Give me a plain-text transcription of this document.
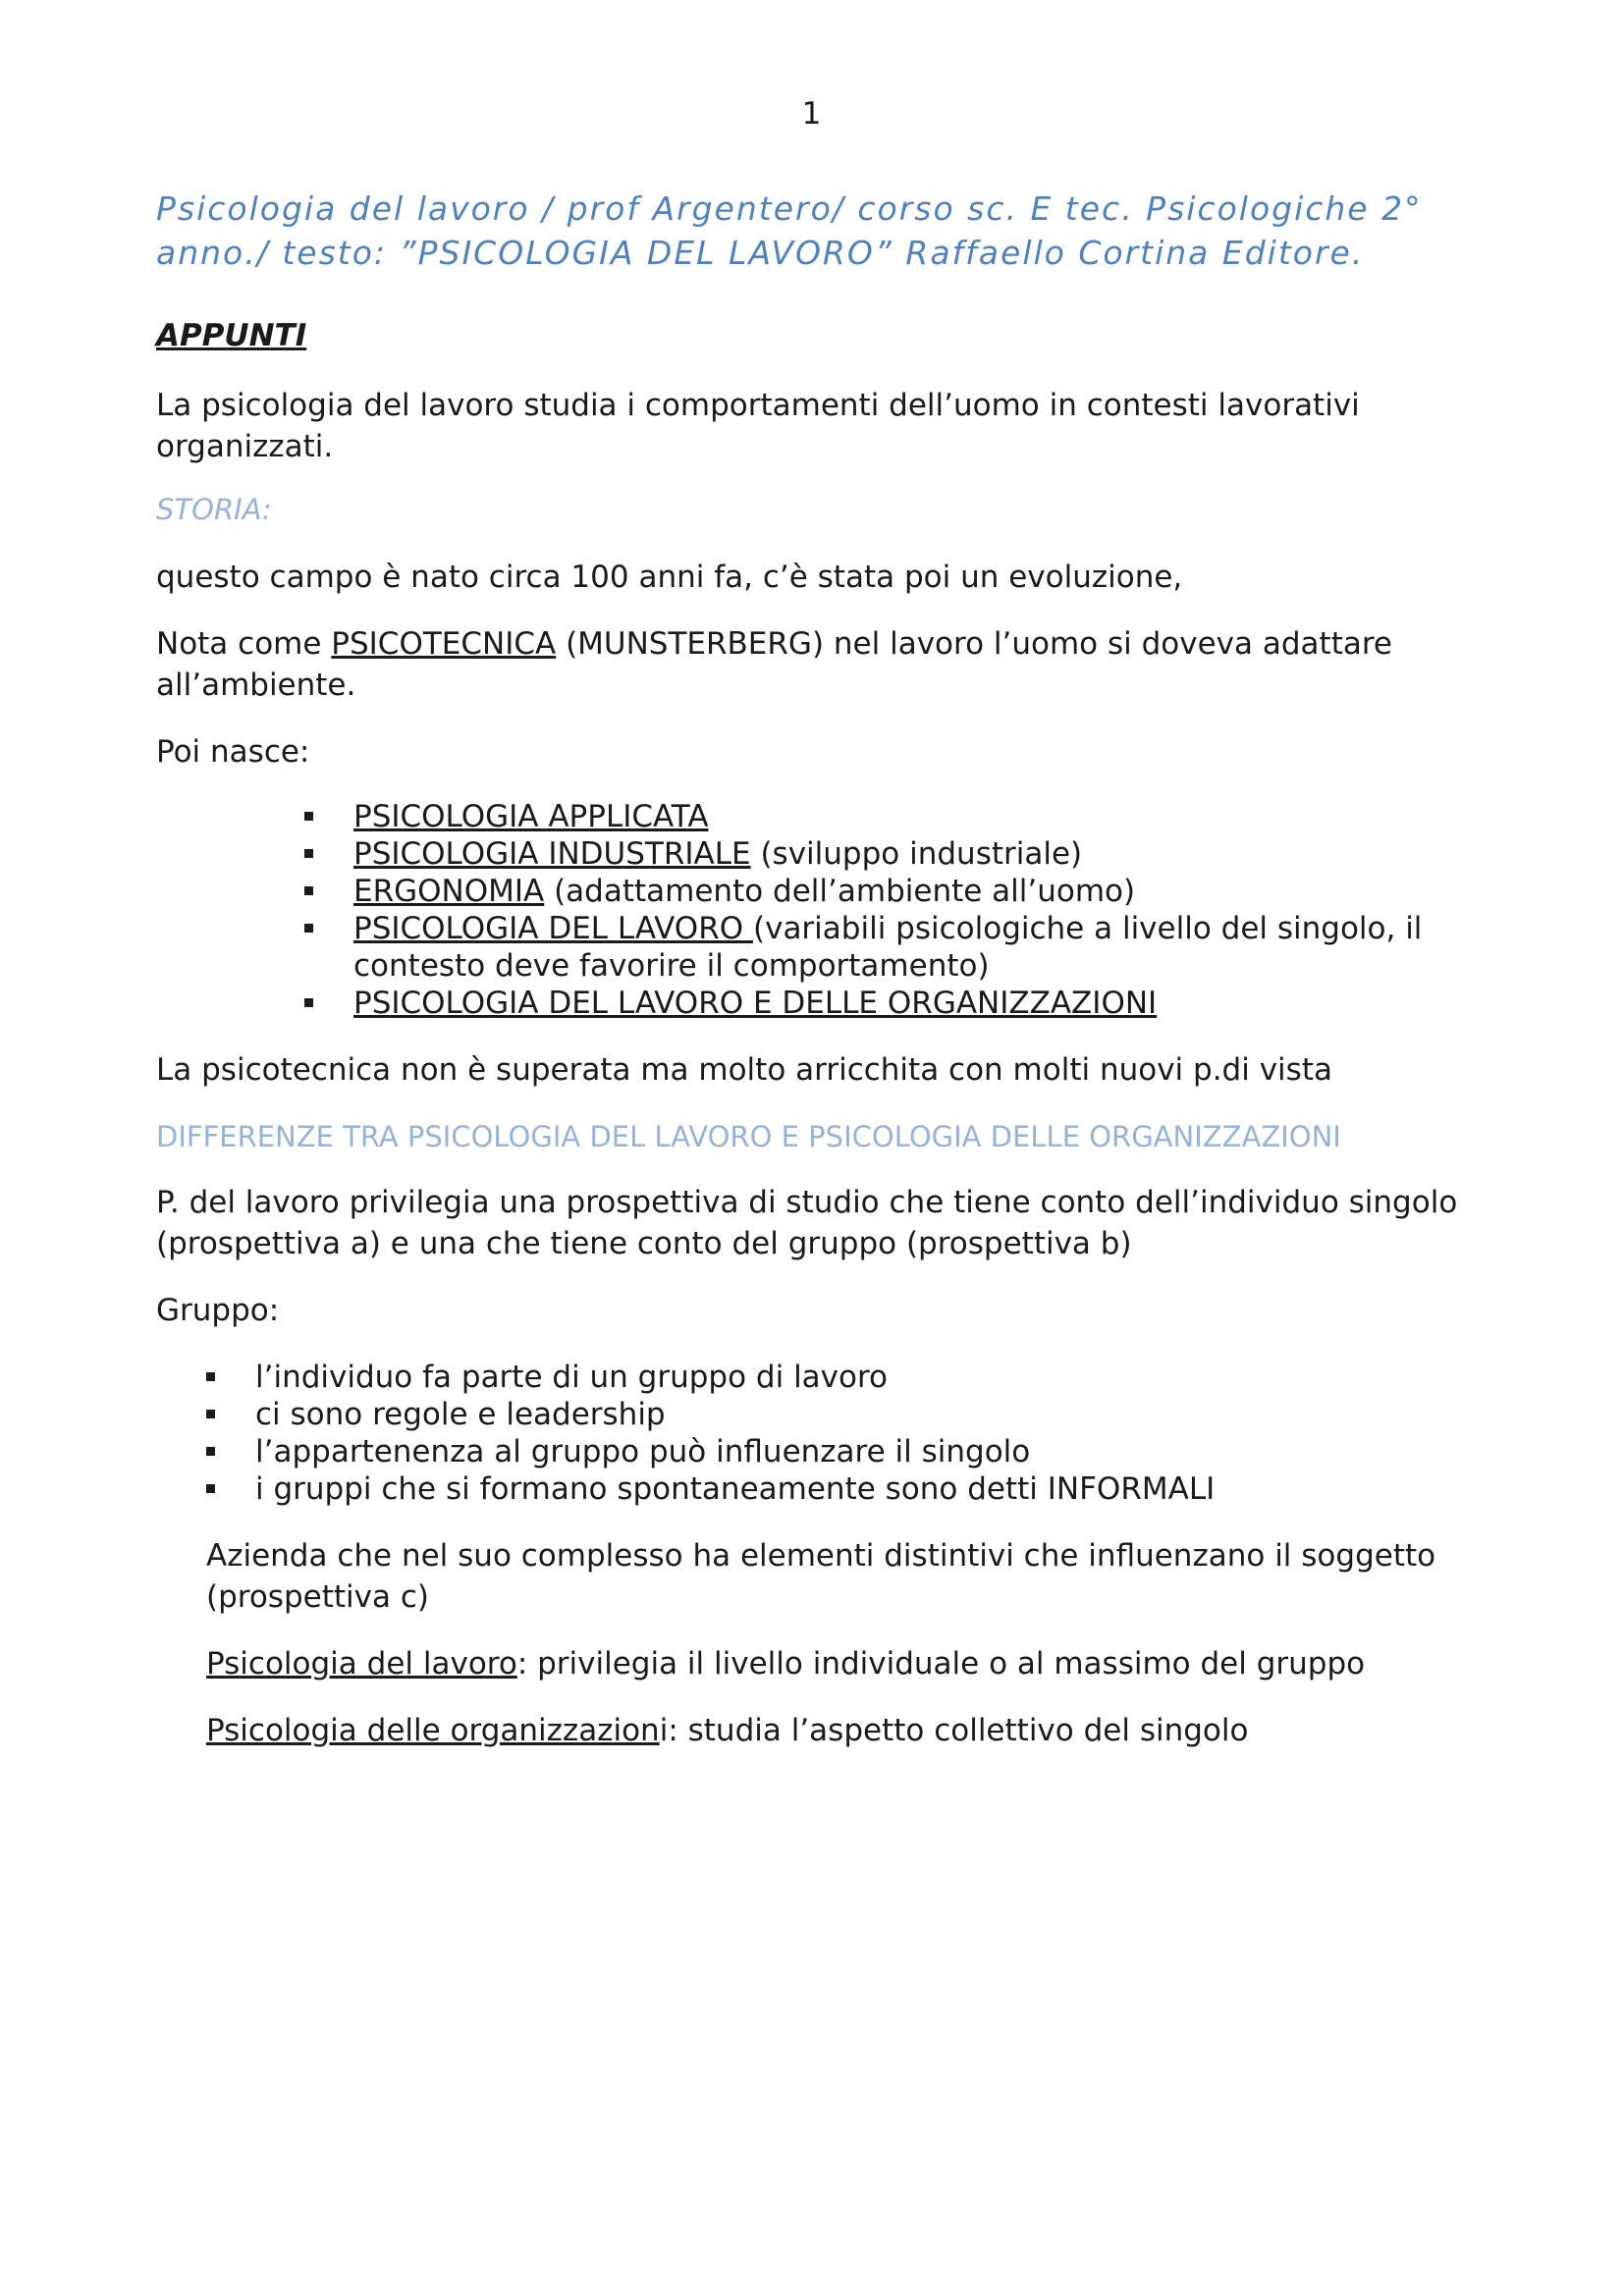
1

Psicologia del lavoro / prof Argentero/ corso sc. E tec. Psicologiche 2° anno./ testo: ”PSICOLOGIA DEL LAVORO” Raffaello Cortina Editore.

APPUNTI

La psicologia del lavoro studia i comportamenti dell’uomo in contesti lavorativi organizzati.

STORIA:

questo campo è nato circa 100 anni fa, c’è stata poi un evoluzione,

Nota come PSICOTECNICA (MUNSTERBERG) nel lavoro l’uomo si doveva adattare all’ambiente.

Poi nasce:

PSICOLOGIA APPLICATA
PSICOLOGIA INDUSTRIALE (sviluppo industriale)
ERGONOMIA (adattamento dell’ambiente all’uomo)
PSICOLOGIA DEL LAVORO (variabili psicologiche a livello del singolo, il contesto deve favorire il comportamento)
PSICOLOGIA DEL LAVORO E DELLE ORGANIZZAZIONI

La psicotecnica non è superata ma molto arricchita con molti nuovi p.di vista

DIFFERENZE TRA PSICOLOGIA DEL LAVORO E PSICOLOGIA DELLE ORGANIZZAZIONI

P. del lavoro privilegia una prospettiva di studio che tiene conto dell’individuo singolo (prospettiva a) e una che tiene conto del gruppo (prospettiva b)

Gruppo:

l’individuo fa parte di un gruppo di lavoro
ci sono regole e leadership
l’appartenenza al gruppo può influenzare il singolo
i gruppi che si formano spontaneamente sono detti INFORMALI

Azienda che nel suo complesso ha elementi distintivi che influenzano il soggetto (prospettiva c)

Psicologia del lavoro: privilegia il livello individuale o al massimo del gruppo

Psicologia delle organizzazioni: studia l’aspetto collettivo del singolo
